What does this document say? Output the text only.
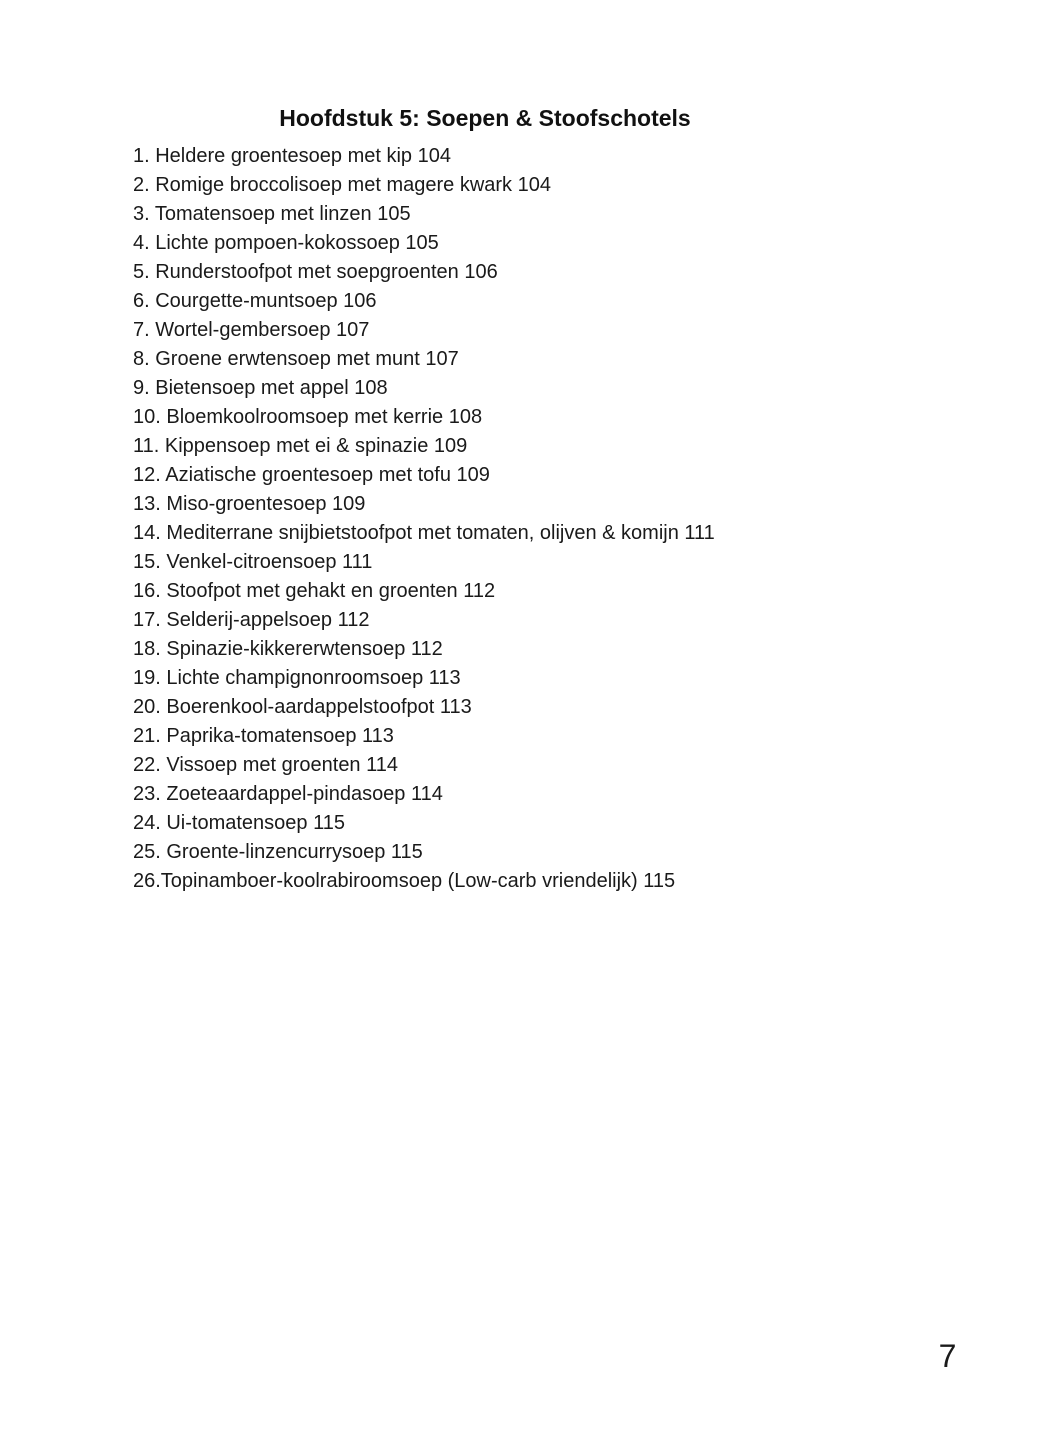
Hoofdstuk 5: Soepen & Stoofschotels
1. Heldere groentesoep met kip 104
2. Romige broccolisoep met magere kwark 104
3. Tomatensoep met linzen 105
4. Lichte pompoen-kokossoep 105
5. Runderstoofpot met soepgroenten 106
6. Courgette-muntsoep 106
7. Wortel-gembersoep 107
8. Groene erwtensoep met munt 107
9. Bietensoep met appel 108
10. Bloemkoolroomsoep met kerrie 108
11. Kippensoep met ei & spinazie 109
12. Aziatische groentesoep met tofu 109
13. Miso-groentesoep 109
14. Mediterrane snijbietstoofpot met tomaten, olijven & komijn 111
15. Venkel-citroensoep 111
16. Stoofpot met gehakt en groenten 112
17. Selderij-appelsoep 112
18. Spinazie-kikkererwtensoep 112
19. Lichte champignonroomsoep 113
20. Boerenkool-aardappelstoofpot 113
21. Paprika-tomatensoep 113
22. Vissoep met groenten 114
23. Zoeteaardappel-pindasoep 114
24. Ui-tomatensoep 115
25. Groente-linzencurrysoep 115
26.Topinamboer-koolrabiroomsoep (Low-carb vriendelijk) 115
7
